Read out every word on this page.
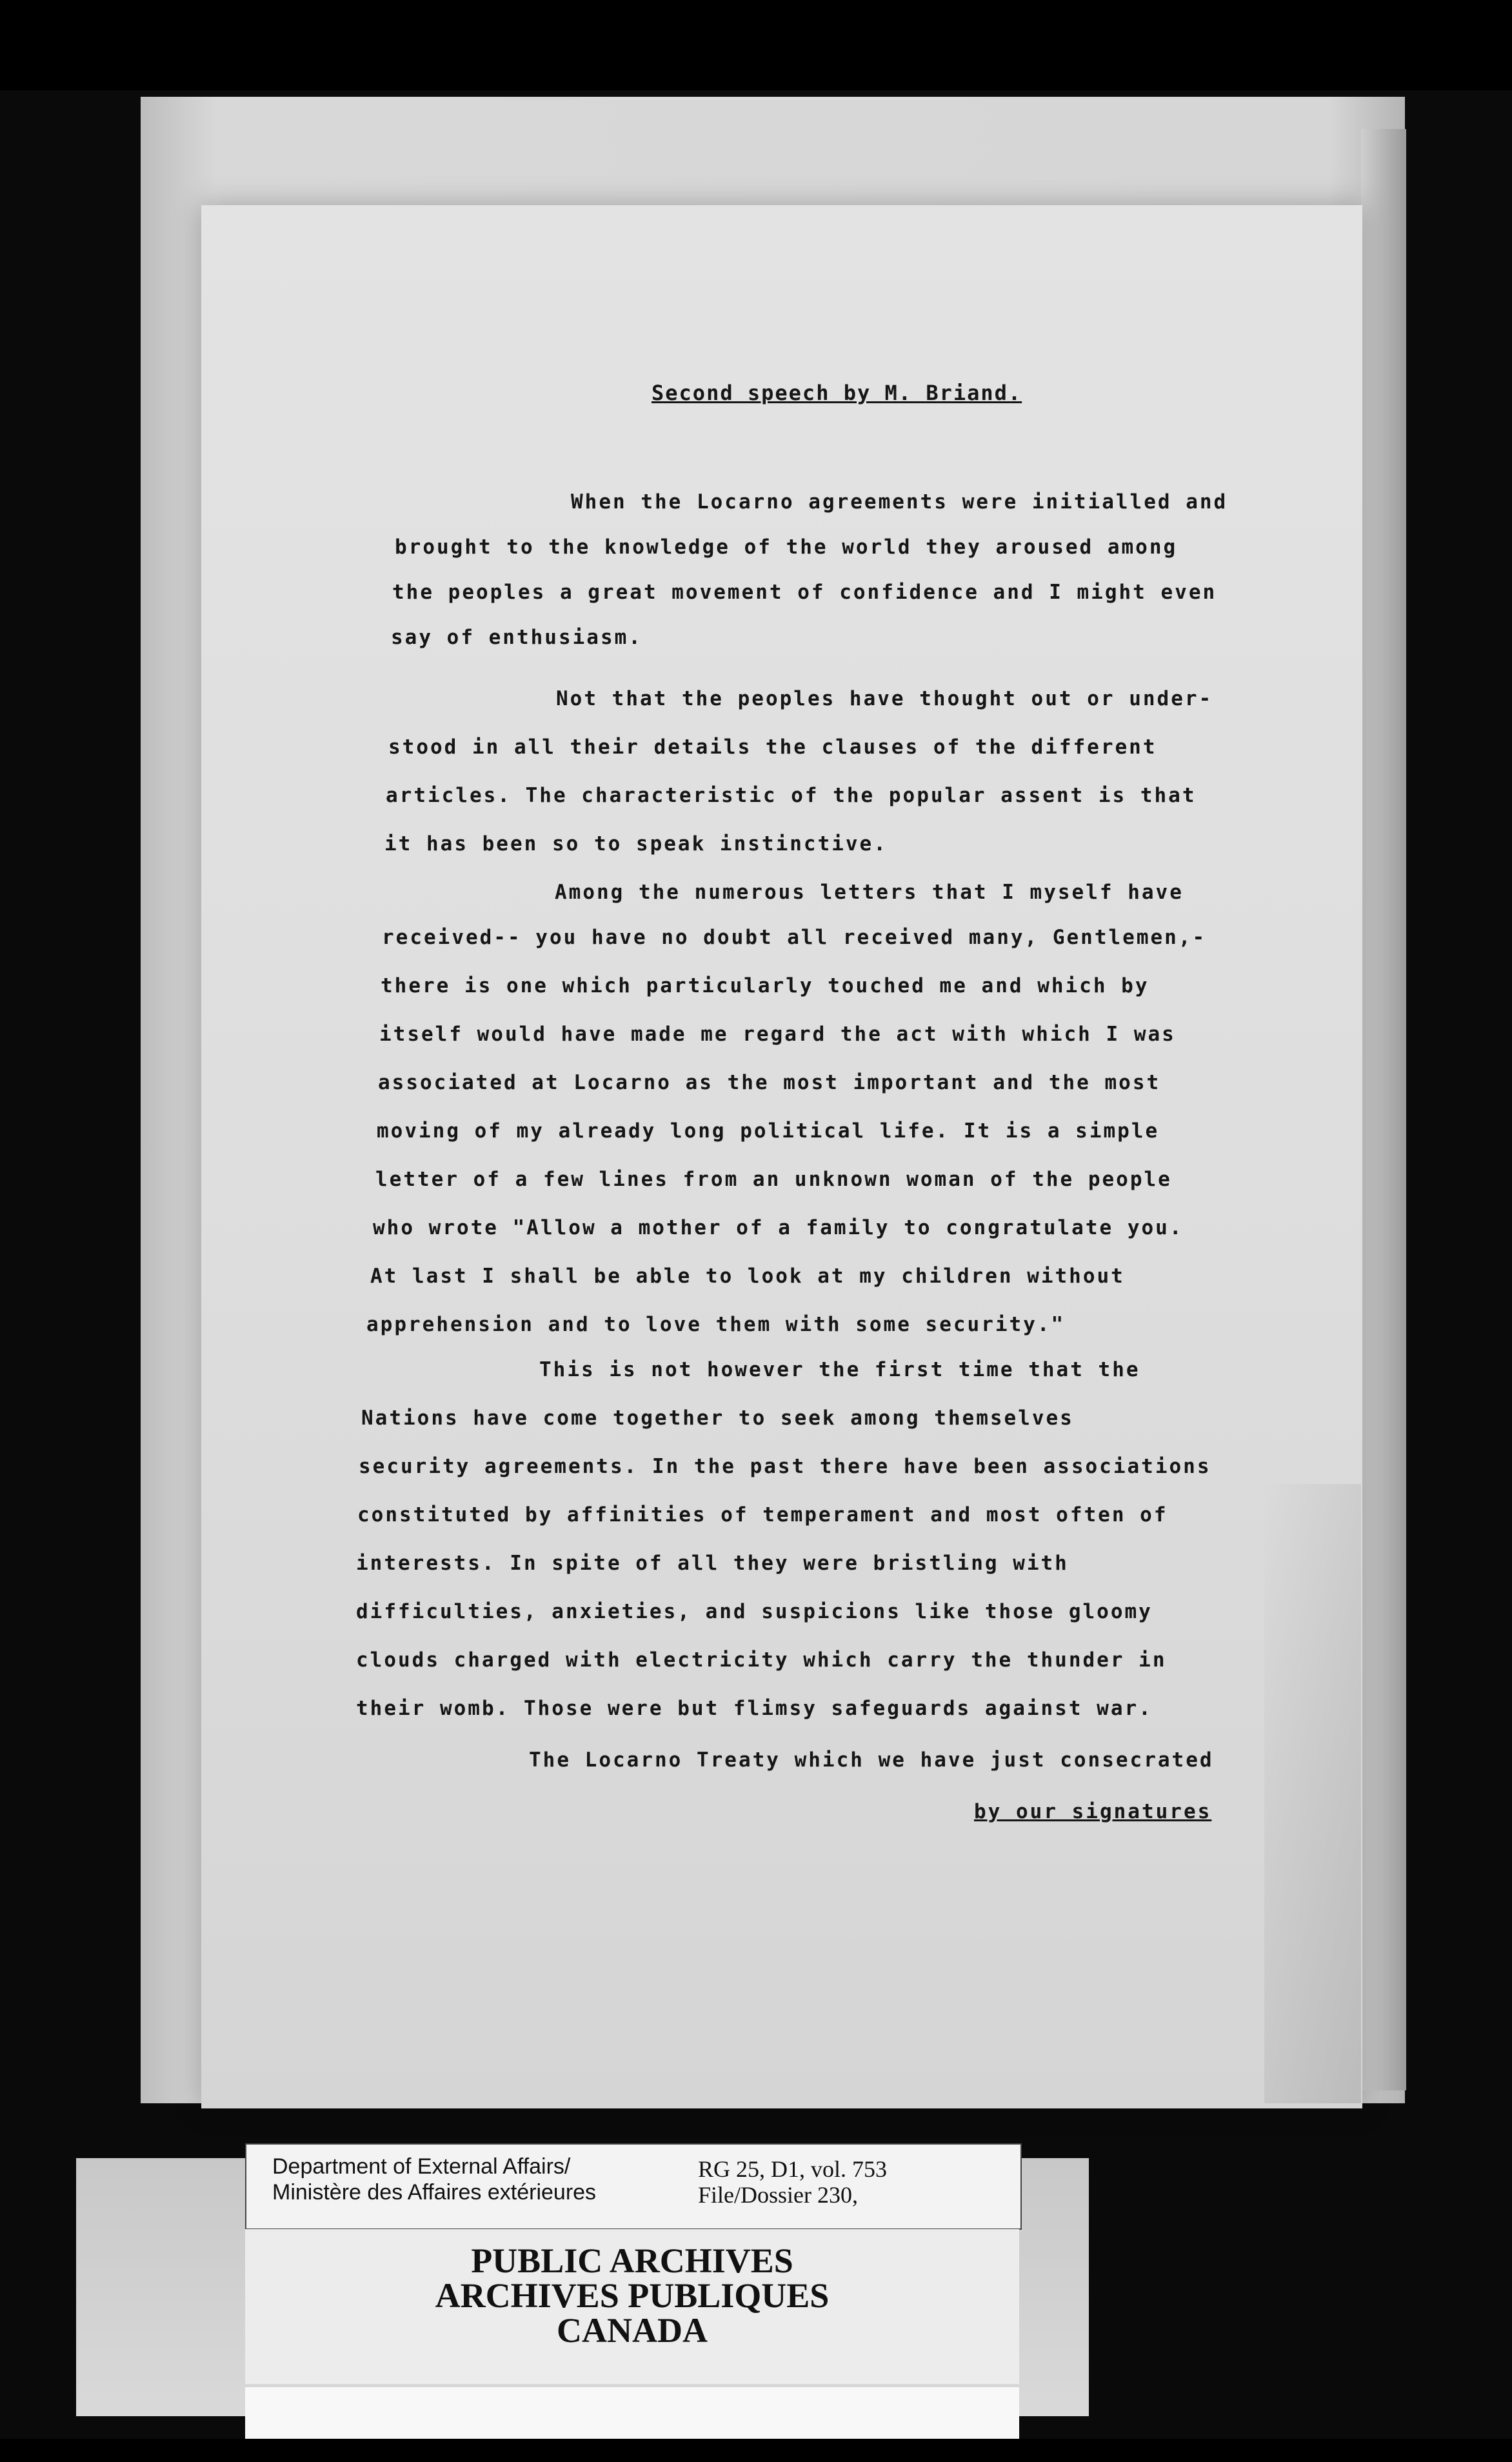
Second speech by M. Briand.
When the Locarno agreements were initialled and
brought to the knowledge of the world they aroused among
the peoples a great movement of confidence and I might even
say of enthusiasm.
Not that the peoples have thought out or under-
stood in all their details the clauses of the different
articles. The characteristic of the popular assent is that
it has been so to speak instinctive.
Among the numerous letters that I myself have
received-- you have no doubt all received many, Gentlemen,-
there is one which particularly touched me and which by
itself would have made me regard the act with which I was
associated at Locarno as the most important and the most
moving of my already long political life. It is a simple
letter of a few lines from an unknown woman of the people
who wrote "Allow a mother of a family to congratulate you.
At last I shall be able to look at my children without
apprehension and to love them with some security."
This is not however the first time that the
Nations have come together to seek among themselves
security agreements. In the past there have been associations
constituted by affinities of temperament and most often of
interests. In spite of all they were bristling with
difficulties, anxieties, and suspicions like those gloomy
clouds charged with electricity which carry the thunder in
their womb. Those were but flimsy safeguards against war.
The Locarno Treaty which we have just consecrated
by our signatures
Department of External Affairs/
Ministère des Affaires extérieures
RG 25, D1, vol. 753
File/Dossier 230,
PUBLIC ARCHIVES
ARCHIVES PUBLIQUES
CANADA
